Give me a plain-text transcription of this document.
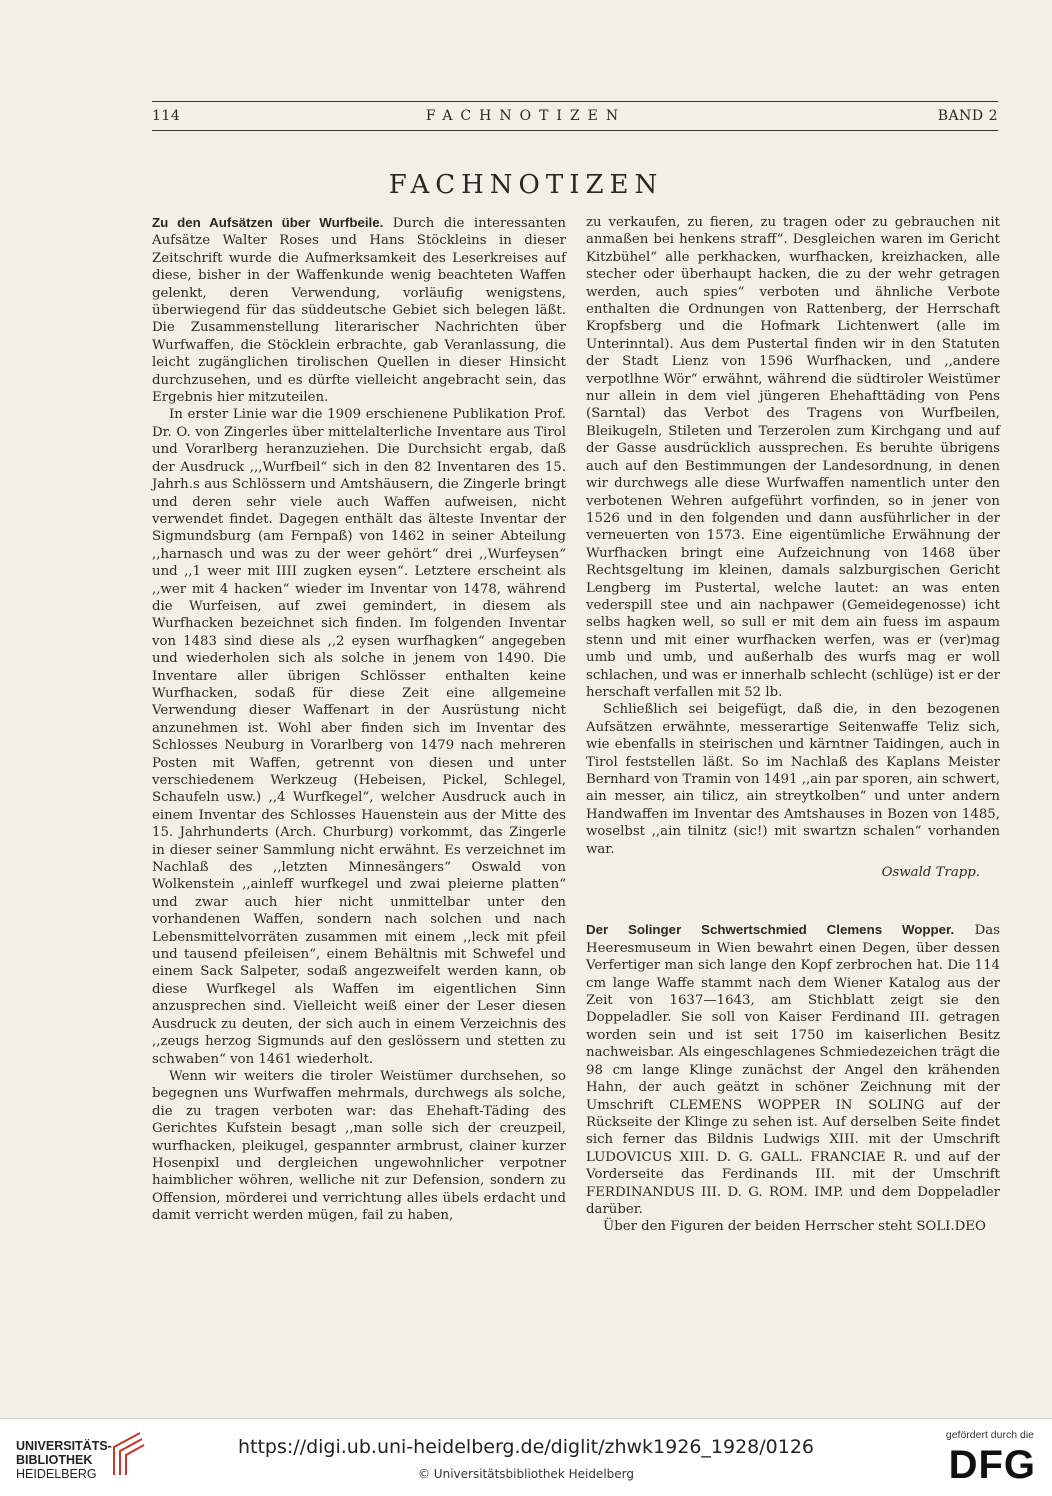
114	FACHNOTIZEN	BAND 2
FACHNOTIZEN

Zu den Aufsätzen über Wurfbeile. Durch die interessanten Aufsätze Walter Roses und Hans Stöckleins in dieser Zeitschrift wurde die Aufmerksamkeit des Leserkreises auf diese, bisher in der Waffenkunde wenig beachteten Waffen gelenkt, deren Verwendung, vorläufig wenigstens, überwiegend für das süddeutsche Gebiet sich belegen läßt. Die Zusammenstellung literarischer Nachrichten über Wurfwaffen, die Stöcklein erbrachte, gab Veranlassung, die leicht zugänglichen tirolischen Quellen in dieser Hinsicht durchzusehen, und es dürfte vielleicht angebracht sein, das Ergebnis hier mitzuteilen.

In erster Linie war die 1909 erschienene Publikation Prof. Dr. O. von Zingerles über mittelalterliche Inventare aus Tirol und Vorarlberg heranzuziehen. Die Durchsicht ergab, daß der Ausdruck ,,,Wurfbeil“ sich in den 82 Inventaren des 15. Jahrh.s aus Schlössern und Amtshäusern, die Zingerle bringt und deren sehr viele auch Waffen aufweisen, nicht verwendet findet. Dagegen enthält das älteste Inventar der Sigmundsburg (am Fernpaß) von 1462 in seiner Abteilung ,,harnasch und was zu der weer gehört“ drei ,,Wurfeysen“ und ,,1 weer mit IIII zugken eysen“. Letztere erscheint als ,,wer mit 4 hacken“ wieder im Inventar von 1478, während die Wurfeisen, auf zwei gemindert, in diesem als Wurfhacken bezeichnet sich finden. Im folgenden Inventar von 1483 sind diese als ,,2 eysen wurfhagken“ angegeben und wiederholen sich als solche in jenem von 1490. Die Inventare aller übrigen Schlösser enthalten keine Wurfhacken, sodaß für diese Zeit eine allgemeine Verwendung dieser Waffenart in der Ausrüstung nicht anzunehmen ist. Wohl aber finden sich im Inventar des Schlosses Neuburg in Vorarlberg von 1479 nach mehreren Posten mit Waffen, getrennt von diesen und unter verschiedenem Werkzeug (Hebeisen, Pickel, Schlegel, Schaufeln usw.) ,,4 Wurfkegel“, welcher Ausdruck auch in einem Inventar des Schlosses Hauenstein aus der Mitte des 15. Jahrhunderts (Arch. Churburg) vorkommt, das Zingerle in dieser seiner Sammlung nicht erwähnt. Es verzeichnet im Nachlaß des ,,letzten Minnesängers“ Oswald von Wolkenstein ,,ainleff wurfkegel und zwai pleierne platten“ und zwar auch hier nicht unmittelbar unter den vorhandenen Waffen, sondern nach solchen und nach Lebensmittelvorräten zusammen mit einem ,,leck mit pfeil und tausend pfeileisen“, einem Behältnis mit Schwefel und einem Sack Salpeter, sodaß angezweifelt werden kann, ob diese Wurfkegel als Waffen im eigentlichen Sinn anzusprechen sind. Vielleicht weiß einer der Leser diesen Ausdruck zu deuten, der sich auch in einem Verzeichnis des ,,zeugs herzog Sigmunds auf den geslössern und stetten zu schwaben“ von 1461 wiederholt.

Wenn wir weiters die tiroler Weistümer durchsehen, so begegnen uns Wurfwaffen mehrmals, durchwegs als solche, die zu tragen verboten war: das Ehehaft-Täding des Gerichtes Kufstein besagt ,,man solle sich der creuzpeil, wurfhacken, pleikugel, gespannter armbrust, clainer kurzer Hosenpixl und dergleichen ungewohnlicher verpotner haimblicher wöhren, welliche nit zur Defension, sondern zu Offension, mörderei und verrichtung alles übels erdacht und damit verricht werden mügen, fail zu haben,

zu verkaufen, zu fieren, zu tragen oder zu gebrauchen nit anmaßen bei henkens straff“. Desgleichen waren im Gericht Kitzbühel“ alle perkhacken, wurfhacken, kreizhacken, alle stecher oder überhaupt hacken, die zu der wehr getragen werden, auch spies“ verboten und ähnliche Verbote enthalten die Ordnungen von Rattenberg, der Herrschaft Kropfsberg und die Hofmark Lichtenwert (alle im Unterinntal). Aus dem Pustertal finden wir in den Statuten der Stadt Lienz von 1596 Wurfhacken, und ,,andere verpotlhne Wör“ erwähnt, während die südtiroler Weistümer nur allein in dem viel jüngeren Ehehafttäding von Pens (Sarntal) das Verbot des Tragens von Wurfbeilen, Bleikugeln, Stileten und Terzerolen zum Kirchgang und auf der Gasse ausdrücklich aussprechen. Es beruhte übrigens auch auf den Bestimmungen der Landesordnung, in denen wir durchwegs alle diese Wurfwaffen namentlich unter den verbotenen Wehren aufgeführt vorfinden, so in jener von 1526 und in den folgenden und dann ausführlicher in der verneuerten von 1573. Eine eigentümliche Erwähnung der Wurfhacken bringt eine Aufzeichnung von 1468 über Rechtsgeltung im kleinen, damals salzburgischen Gericht Lengberg im Pustertal, welche lautet: an was enten vederspill stee und ain nachpawer (Gemeidegenosse) icht selbs hagken well, so sull er mit dem ain fuess im aspaum stenn und mit einer wurfhacken werfen, was er (ver)mag umb und umb, und außerhalb des wurfs mag er woll schlachen, und was er innerhalb schlecht (schlüge) ist er der herschaft verfallen mit 52 lb.

Schließlich sei beigefügt, daß die, in den bezogenen Aufsätzen erwähnte, messerartige Seitenwaffe Teliz sich, wie ebenfalls in steirischen und kärntner Taidingen, auch in Tirol feststellen läßt. So im Nachlaß des Kaplans Meister Bernhard von Tramin von 1491 ,,ain par sporen, ain schwert, ain messer, ain tilicz, ain streytkolben“ und unter andern Handwaffen im Inventar des Amtshauses in Bozen von 1485, woselbst ,,ain tilnitz (sic!) mit swartzn schalen“ vorhanden war.

Oswald Trapp.

Der Solinger Schwertschmied Clemens Wopper. Das Heeresmuseum in Wien bewahrt einen Degen, über dessen Verfertiger man sich lange den Kopf zerbrochen hat. Die 114 cm lange Waffe stammt nach dem Wiener Katalog aus der Zeit von 1637—1643, am Stichblatt zeigt sie den Doppeladler. Sie soll von Kaiser Ferdinand III. getragen worden sein und ist seit 1750 im kaiserlichen Besitz nachweisbar. Als eingeschlagenes Schmiedezeichen trägt die 98 cm lange Klinge zunächst der Angel den krähenden Hahn, der auch geätzt in schöner Zeichnung mit der Umschrift CLEMENS WOPPER IN SOLING auf der Rückseite der Klinge zu sehen ist. Auf derselben Seite findet sich ferner das Bildnis Ludwigs XIII. mit der Umschrift LUDOVICUS XIII. D. G. GALL. FRANCIAE R. und auf der Vorderseite das Ferdinands III. mit der Umschrift FERDINANDUS III. D. G. ROM. IMP. und dem Doppeladler darüber.

Über den Figuren der beiden Herrscher steht SOLI.DEO

UNIVERSITÄTS-
BIBLIOTHEK
HEIDELBERG
gefördert durch die
DFG
https://digi.ub.uni-heidelberg.de/diglit/zhwk1926_1928/0126
© Universitätsbibliothek Heidelberg
